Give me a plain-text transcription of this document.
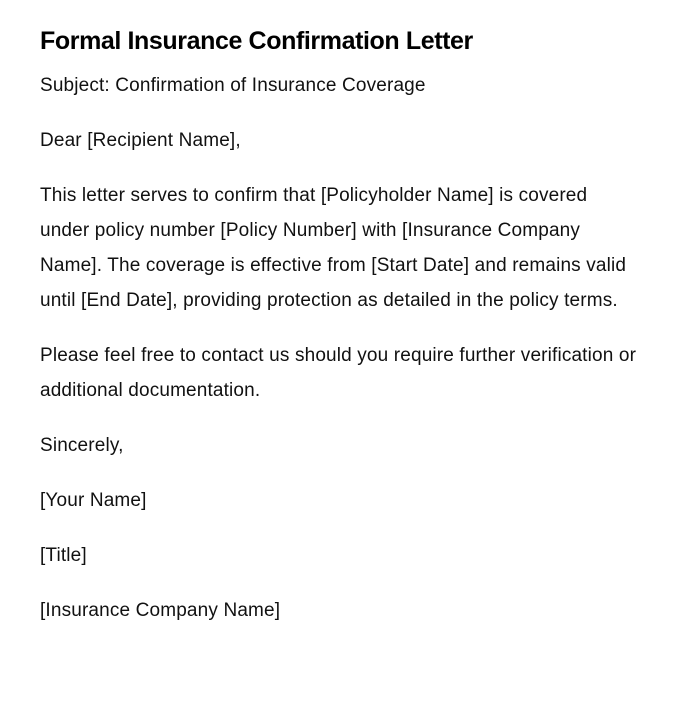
Formal Insurance Confirmation Letter

Subject: Confirmation of Insurance Coverage

Dear [Recipient Name],

This letter serves to confirm that [Policyholder Name] is covered under policy number [Policy Number] with [Insurance Company Name]. The coverage is effective from [Start Date] and remains valid until [End Date], providing protection as detailed in the policy terms.

Please feel free to contact us should you require further verification or additional documentation.

Sincerely,

[Your Name]

[Title]

[Insurance Company Name]
